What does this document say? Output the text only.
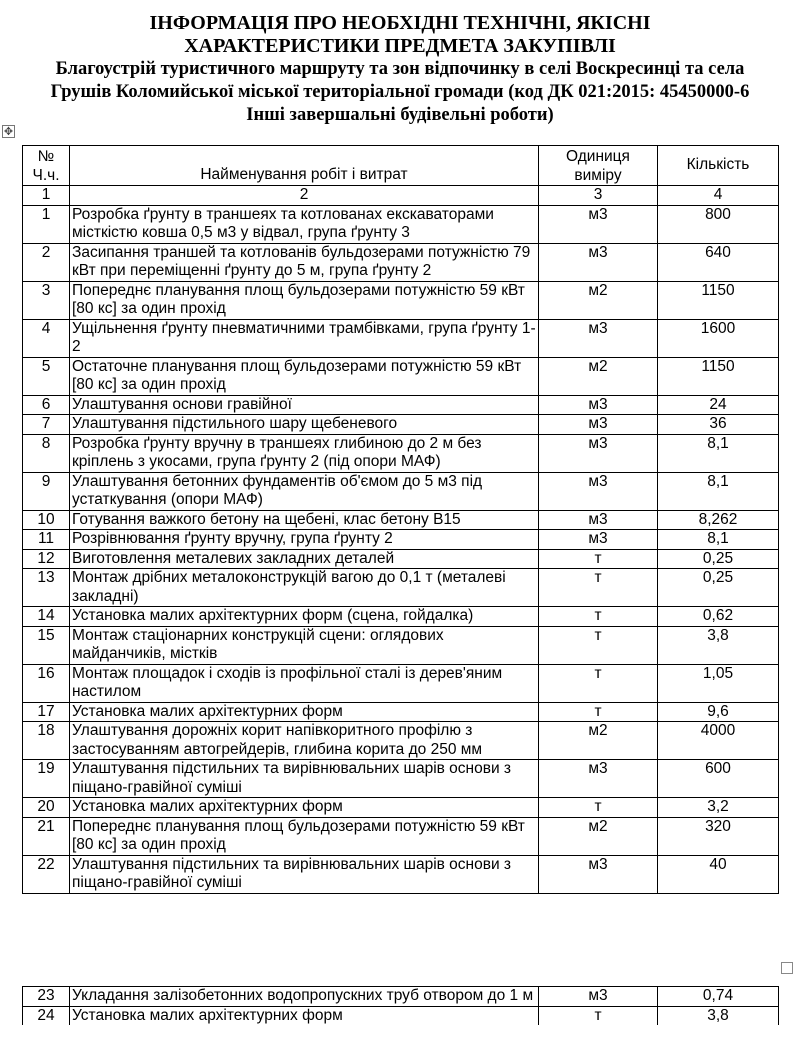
ІНФОРМАЦІЯ ПРО НЕОБХІДНІ ТЕХНІЧНІ, ЯКІСНІ
ХАРАКТЕРИСТИКИ ПРЕДМЕТА ЗАКУПІВЛІ
Благоустрій туристичного маршруту та зон відпочинку в селі Воскресинці та села
Грушів Коломийської міської територіальної громади (код ДК 021:2015: 45450000-6
Інші завершальні будівельні роботи)
✥
№ Ч.ч.	Найменування робіт і витрат	Одиниця виміру	Кількість
1	2	3	4
1	Розробка ґрунту в траншеях та котлованах екскаваторами місткістю ковша 0,5 м3 у відвал, група ґрунту 3	м3	800
2	Засипання траншей та котлованів бульдозерами потужністю 79 кВт при переміщенні ґрунту до 5 м, група ґрунту 2	м3	640
3	Попереднє планування площ бульдозерами потужністю 59 кВт [80 кс] за один прохід	м2	1150
4	Ущільнення ґрунту пневматичними трамбівками, група ґрунту 1-2	м3	1600
5	Остаточне планування площ бульдозерами потужністю 59 кВт [80 кс] за один прохід	м2	1150
6	Улаштування основи гравійної	м3	24
7	Улаштування підстильного шару щебеневого	м3	36
8	Розробка ґрунту вручну в траншеях глибиною до 2 м без кріплень з укосами, група ґрунту 2 (під опори МАФ)	м3	8,1
9	Улаштування бетонних фундаментів об'ємом до 5 м3 під устаткування (опори МАФ)	м3	8,1
10	Готування важкого бетону на щебені, клас бетону В15	м3	8,262
11	Розрівнювання ґрунту вручну, група ґрунту 2	м3	8,1
12	Виготовлення металевих закладних деталей	т	0,25
13	Монтаж дрібних металоконструкцій вагою до 0,1 т (металеві закладні)	т	0,25
14	Установка малих архітектурних форм (сцена, гойдалка)	т	0,62
15	Монтаж стаціонарних конструкцій сцени: оглядових майданчиків, містків	т	3,8
16	Монтаж площадок і сходів із профільної сталі із дерев'яним настилом	т	1,05
17	Установка малих архітектурних форм	т	9,6
18	Улаштування дорожніх корит напівкоритного профілю з застосуванням автогрейдерів, глибина корита до 250 мм	м2	4000
19	Улаштування підстильних та вирівнювальних шарів основи з піщано-гравійної суміші	м3	600
20	Установка малих архітектурних форм	т	3,2
21	Попереднє планування площ бульдозерами потужністю 59 кВт [80 кс] за один прохід	м2	320
22	Улаштування підстильних та вирівнювальних шарів основи з піщано-гравійної суміші	м3	40
23	Укладання залізобетонних водопропускних труб отвором до 1 м	м3	0,74
24	Установка малих архітектурних форм	т	3,8
